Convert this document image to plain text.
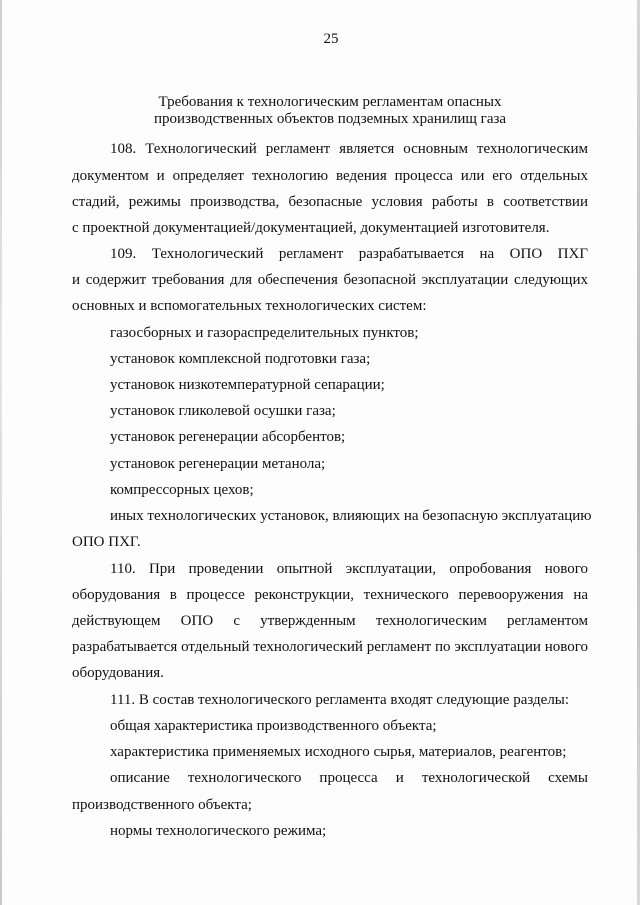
25
Требования к технологическим регламентам опасных
производственных объектов подземных хранилищ газа
108. Технологический регламент является основным технологическим
документом и определяет технологию ведения процесса или его отдельных
стадий, режимы производства, безопасные условия работы в соответствии
с проектной документацией/документацией, документацией изготовителя.
109. Технологический регламент разрабатывается на ОПО ПХГ
и содержит требования для обеспечения безопасной эксплуатации следующих
основных и вспомогательных технологических систем:
газосборных и газораспределительных пунктов;
установок комплексной подготовки газа;
установок низкотемпературной сепарации;
установок гликолевой осушки газа;
установок регенерации абсорбентов;
установок регенерации метанола;
компрессорных цехов;
иных технологических установок, влияющих на безопасную эксплуатацию
ОПО ПХГ.
110. При проведении опытной эксплуатации, опробования нового
оборудования в процессе реконструкции, технического перевооружения на
действующем ОПО с утвержденным технологическим регламентом
разрабатывается отдельный технологический регламент по эксплуатации нового
оборудования.
111. В состав технологического регламента входят следующие разделы:
общая характеристика производственного объекта;
характеристика применяемых исходного сырья, материалов, реагентов;
описание технологического процесса и технологической схемы
производственного объекта;
нормы технологического режима;
